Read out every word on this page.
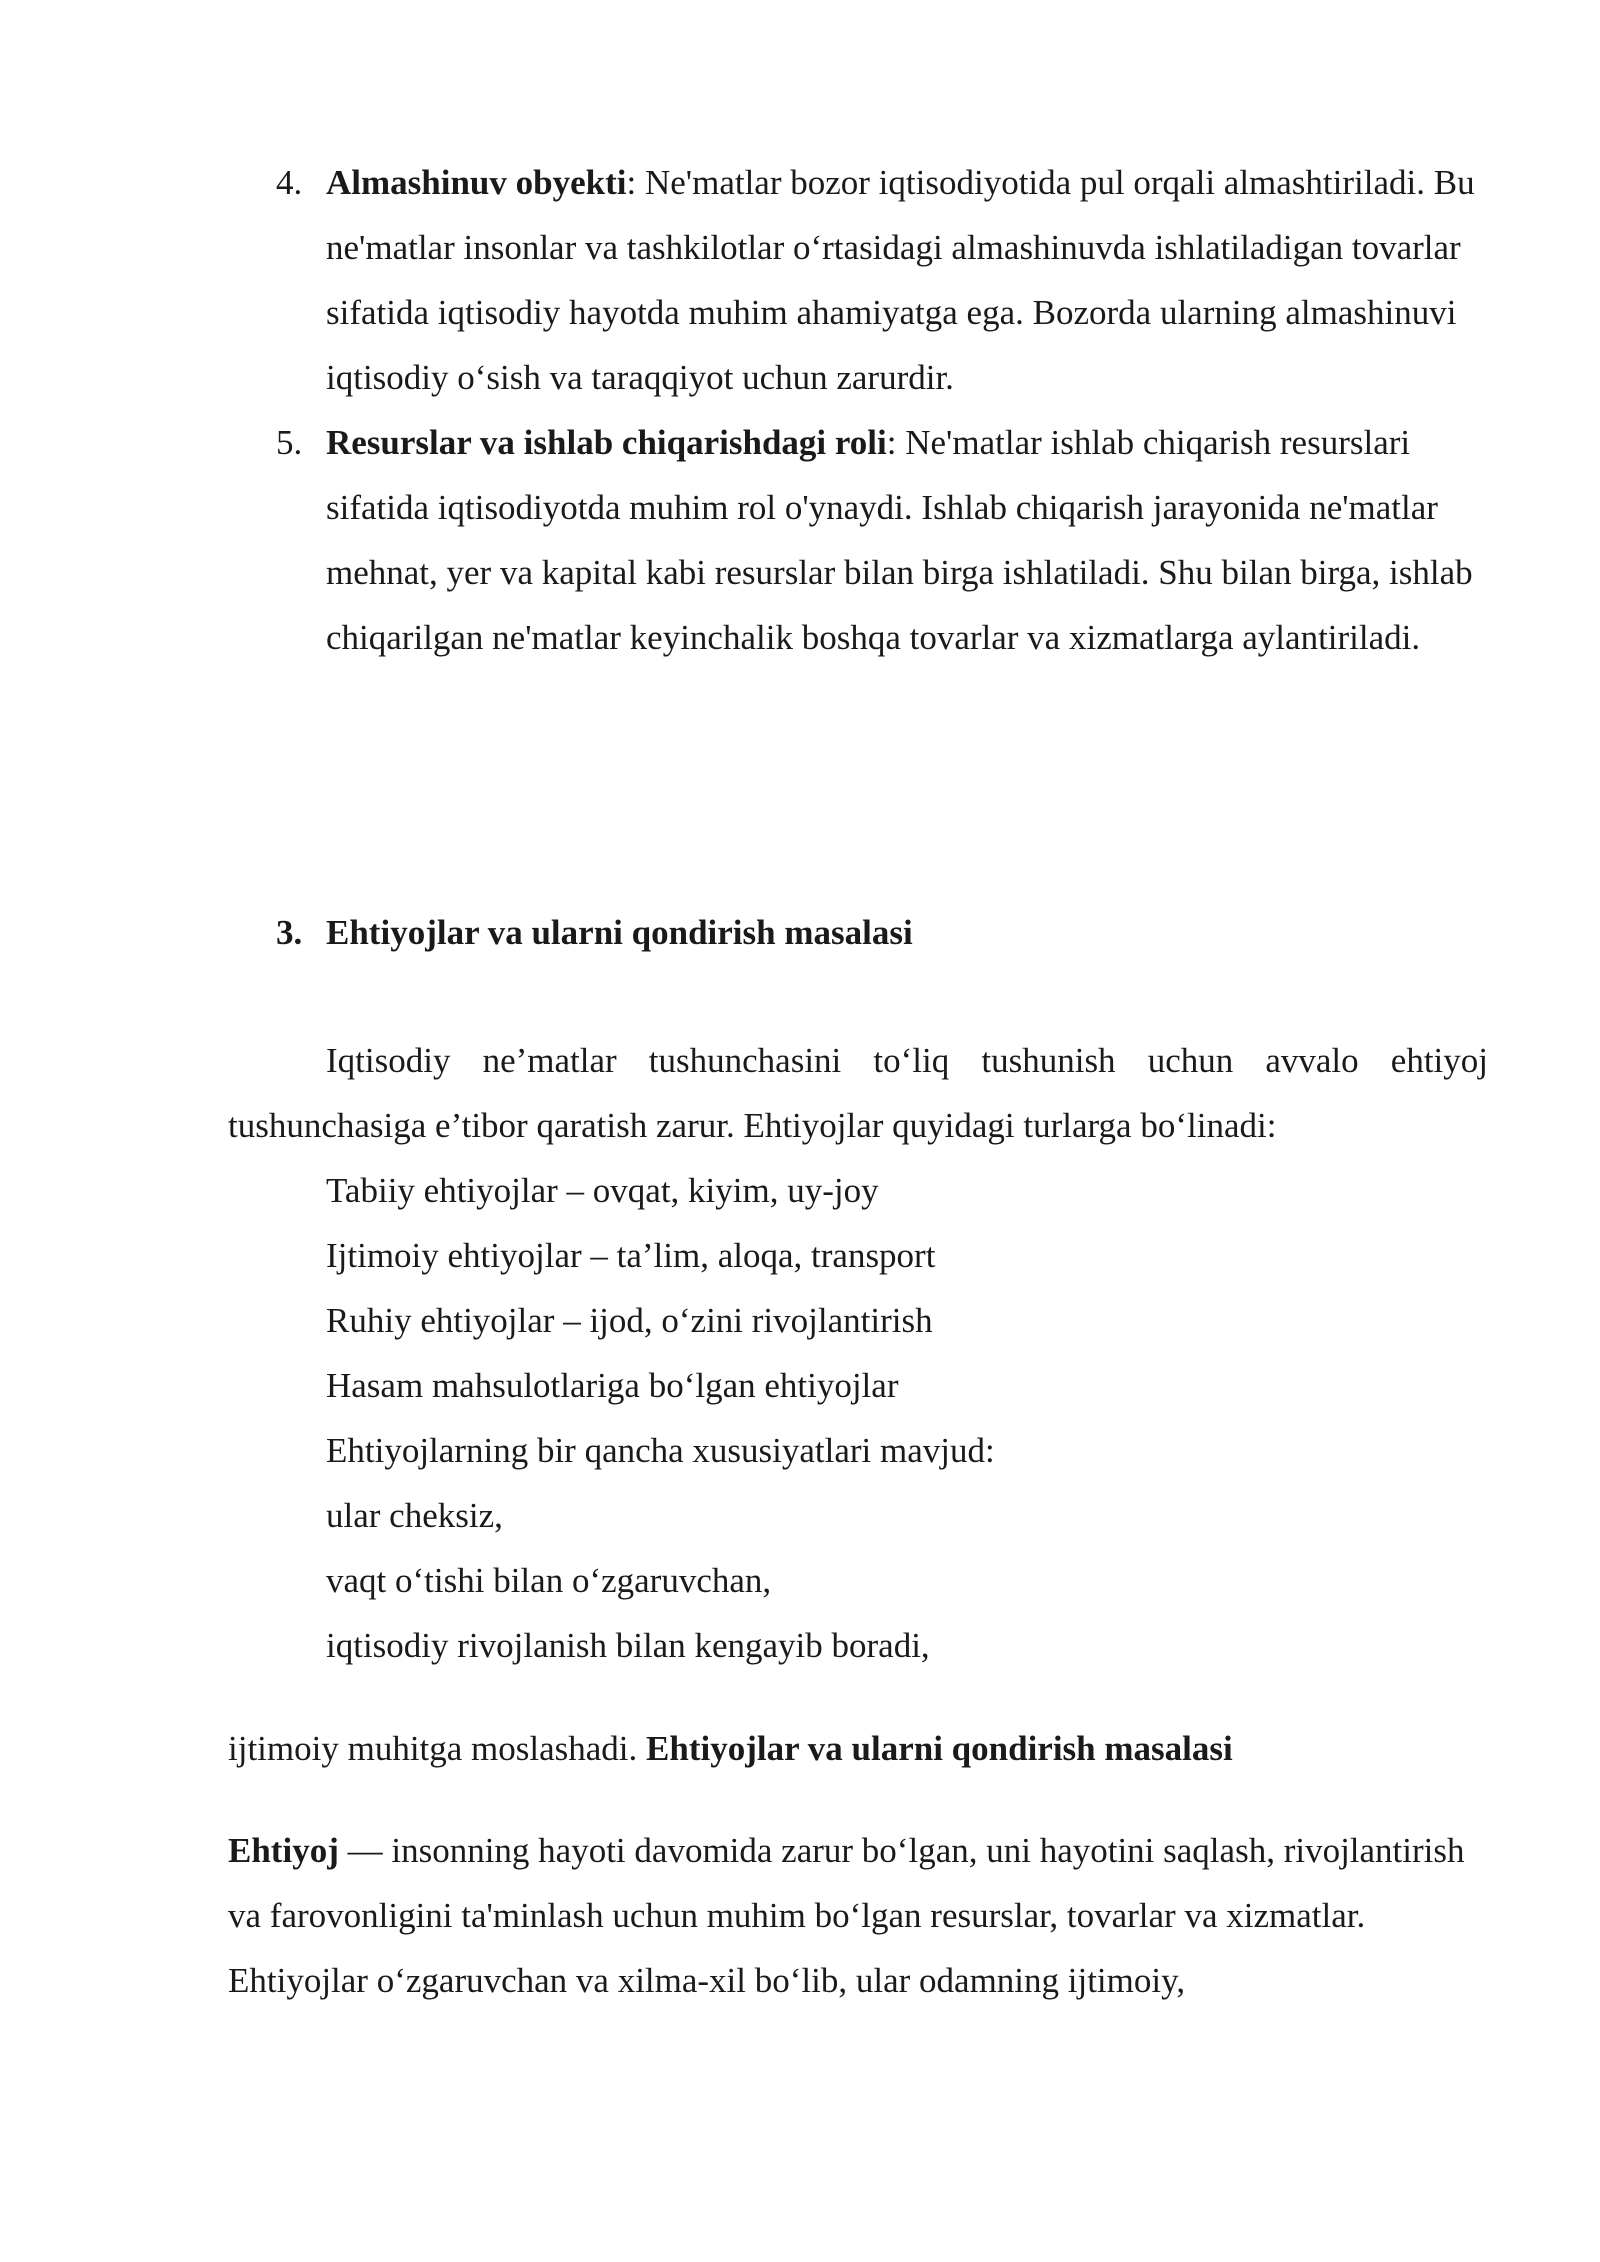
4. Almashinuv obyekti: Ne'matlar bozor iqtisodiyotida pul orqali almashtiriladi. Bu ne'matlar insonlar va tashkilotlar o‘rtasidagi almashinuvda ishlatiladigan tovarlar sifatida iqtisodiy hayotda muhim ahamiyatga ega. Bozorda ularning almashinuvi iqtisodiy o‘sish va taraqqiyot uchun zarurdir.
5. Resurslar va ishlab chiqarishdagi roli: Ne'matlar ishlab chiqarish resurslari sifatida iqtisodiyotda muhim rol o'ynaydi. Ishlab chiqarish jarayonida ne'matlar mehnat, yer va kapital kabi resurslar bilan birga ishlatiladi. Shu bilan birga, ishlab chiqarilgan ne'matlar keyinchalik boshqa tovarlar va xizmatlarga aylantiriladi.
3. Ehtiyojlar va ularni qondirish masalasi
Iqtisodiy ne’matlar tushunchasini to‘liq tushunish uchun avvalo ehtiyoj tushunchasiga e’tibor qaratish zarur. Ehtiyojlar quyidagi turlarga bo‘linadi:
Tabiiy ehtiyojlar – ovqat, kiyim, uy-joy
Ijtimoiy ehtiyojlar – ta’lim, aloqa, transport
Ruhiy ehtiyojlar – ijod, o‘zini rivojlantirish
Hasam mahsulotlariga bo‘lgan ehtiyojlar
Ehtiyojlarning bir qancha xususiyatlari mavjud:
ular cheksiz,
vaqt o‘tishi bilan o‘zgaruvchan,
iqtisodiy rivojlanish bilan kengayib boradi,
ijtimoiy muhitga moslashadi. Ehtiyojlar va ularni qondirish masalasi
Ehtiyoj — insonning hayoti davomida zarur bo‘lgan, uni hayotini saqlash, rivojlantirish va farovonligini ta'minlash uchun muhim bo‘lgan resurslar, tovarlar va xizmatlar. Ehtiyojlar o‘zgaruvchan va xilma-xil bo‘lib, ular odamning ijtimoiy,
